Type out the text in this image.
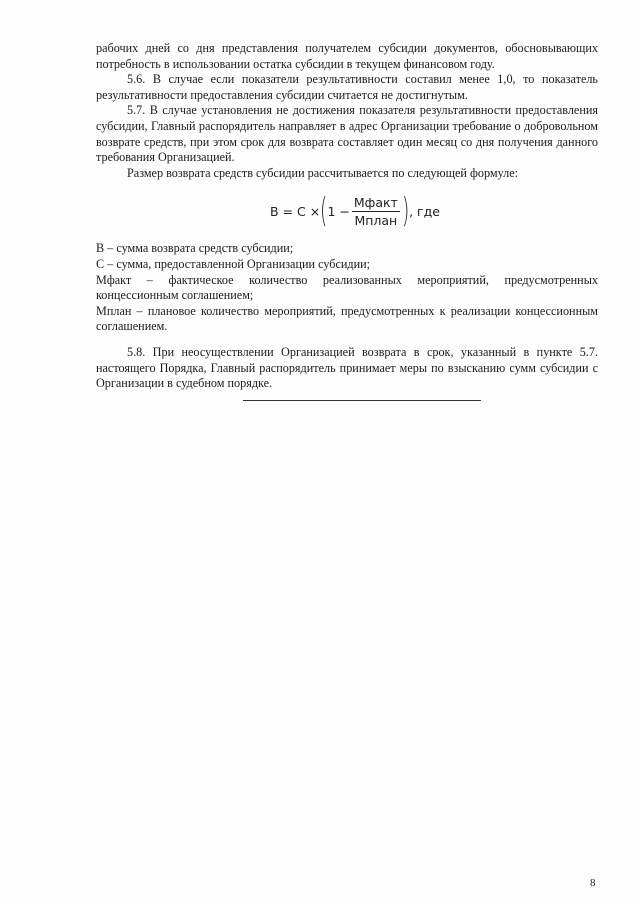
рабочих дней со дня представления получателем субсидии документов, обосновывающих потребность в использовании остатка субсидии в текущем финансовом году.

5.6. В случае если показатели результативности составил менее 1,0, то показатель результативности предоставления субсидии считается не достигнутым.

5.7. В случае установления не достижения показателя результативности предоставления субсидии, Главный распорядитель направляет в адрес Организации требование о добровольном возврате средств, при этом срок для возврата составляет один месяц со дня получения данного требования Организацией.

Размер возврата средств субсидии рассчитывается по следующей формуле:

В = С × ( $1 - \frac{\text{Мфакт}}{\text{Мплан}}$ ) , где

В – сумма возврата средств субсидии;

С – сумма, предоставленной Организации субсидии;

Мфакт – фактическое количество реализованных мероприятий, предусмотренных концессионным соглашением;

Мплан – плановое количество мероприятий, предусмотренных к реализации концессионным соглашением.

5.8. При неосуществлении Организацией возврата в срок, указанный в пункте 5.7. настоящего Порядка, Главный распорядитель принимает меры по взысканию сумм субсидии с Организации в судебном порядке.

8
